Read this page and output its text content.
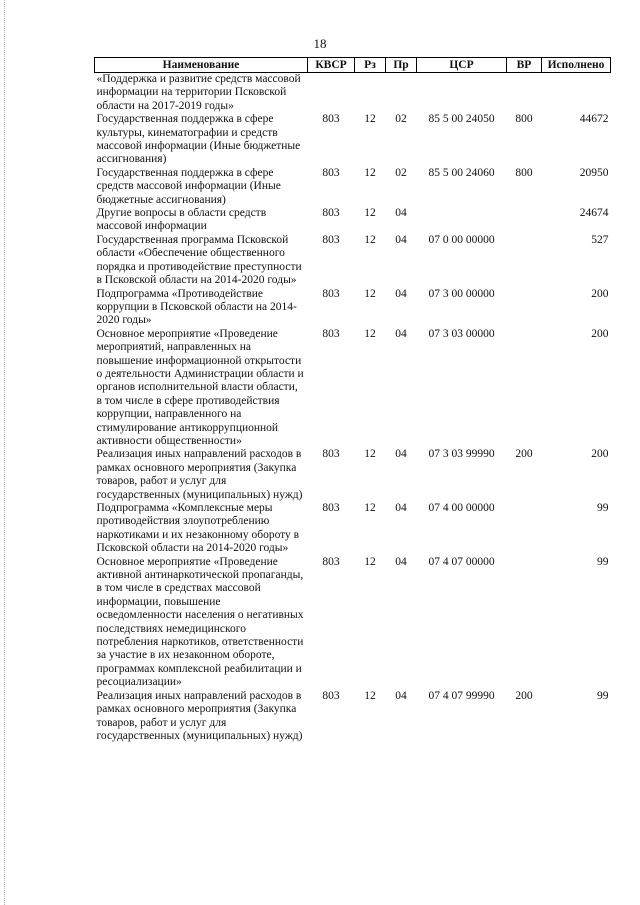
18
Наименование	КВСР	Рз	Пр	ЦСР	ВР	Исполнено
«Поддержка и развитие средств массовой информации на территории Псковской области на 2017-2019 годы»						
Государственная поддержка в сфере культуры, кинематографии и средств массовой информации (Иные бюджетные ассигнования)	803	12	02	85 5 00 24050	800	44672
Государственная поддержка в сфере средств массовой информации (Иные бюджетные ассигнования)	803	12	02	85 5 00 24060	800	20950
Другие вопросы в области средств массовой информации	803	12	04			24674
Государственная программа Псковской области «Обеспечение общественного порядка и противодействие преступности в Псковской области на 2014-2020 годы»	803	12	04	07 0 00 00000		527
Подпрограмма «Противодействие коррупции в Псковской области на 2014-2020 годы»	803	12	04	07 3 00 00000		200
Основное мероприятие «Проведение мероприятий, направленных на повышение информационной открытости о деятельности Администрации области и органов исполнительной власти области, в том числе в сфере противодействия коррупции, направленного на стимулирование антикоррупционной активности общественности»	803	12	04	07 3 03 00000		200
Реализация иных направлений расходов в рамках основного мероприятия (Закупка товаров, работ и услуг для государственных (муниципальных) нужд)	803	12	04	07 3 03 99990	200	200
Подпрограмма «Комплексные меры противодействия злоупотреблению наркотиками и их незаконному обороту в Псковской области на 2014-2020 годы»	803	12	04	07 4 00 00000		99
Основное мероприятие «Проведение активной антинаркотической пропаганды, в том числе в средствах массовой информации, повышение осведомленности населения о негативных последствиях немедицинского потребления наркотиков, ответственности за участие в их незаконном обороте, программах комплексной реабилитации и ресоциализации»	803	12	04	07 4 07 00000		99
Реализация иных направлений расходов в рамках основного мероприятия (Закупка товаров, работ и услуг для государственных (муниципальных) нужд)	803	12	04	07 4 07 99990	200	99
